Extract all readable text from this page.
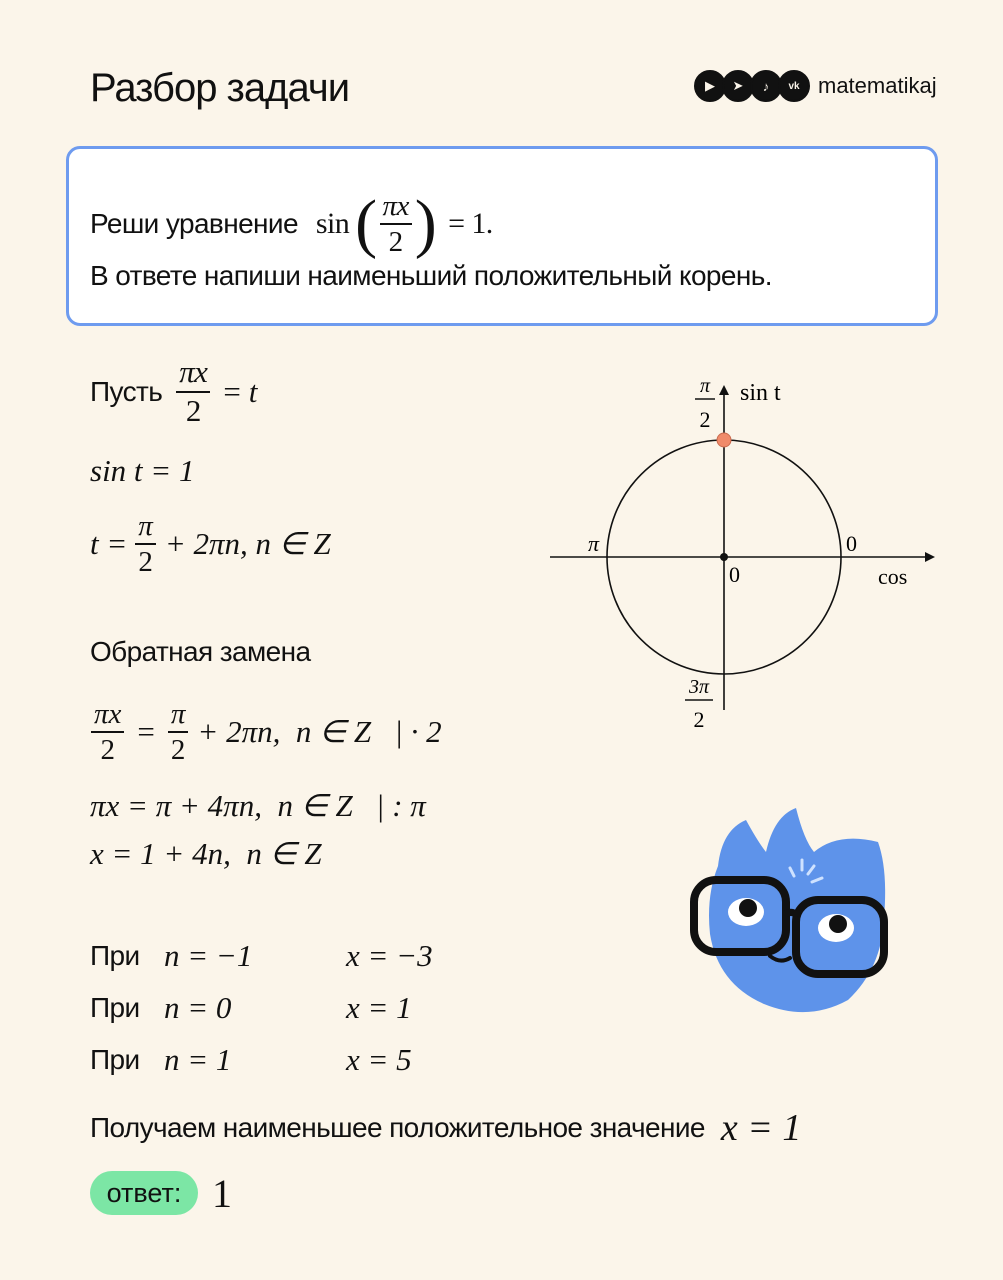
Разбор задачи	▶	➤	♪	vk matematikaj
Реши уравнение sin ( $\frac{\pi x}{2}$ ) = 1.
В ответе напиши наименьший положительный корень.
Пусть $\frac{\pi x}{2} = t$
sin t = 1
$t = \frac{\pi}{2} + 2\pi n$, n ∈ Z
Обратная замена
$\frac{\pi x}{2} = \frac{\pi}{2} + 2\pi n$,  n ∈ Z   | · 2
πx = π + 4πn,  n ∈ Z   | : π
x = 1 + 4n,  n ∈ Z
При n = −1	x = −3
При n = 0	x = 1
При n = 1	x = 5
Получаем наименьшее положительное значение x = 1
ответ: 1
π
2
sin t
cos
π	0
0
3π
2
